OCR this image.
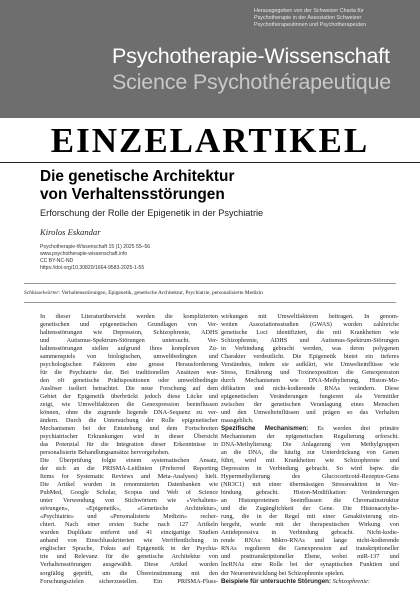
Herausgegeben von der Schweizer Charta für
Psychotherapie in der Assoziation Schweizer
Psychotherapeutinnen und Psychotherapeuten
Psychotherapie-Wissenschaft
Science Psychothérapeutique
EINZELARTIKEL
Die genetische Architektur
von Verhaltensstörungen
Erforschung der Rolle der Epigenetik in der Psychiatrie
Kirolos Eskandar
Psychotherapie-Wissenschaft 15 (1) 2025 55–56
www.psychotherapie-wissenschaft.info
CC BY-NC-ND
https://doi.org/10.30820/1664-9583-2025-1-55
Schlüsselwörter: Verhaltensstörungen, Epigenetik, genetische Architektur, Psychiatrie, personalisierte Medizin
In dieser Literaturübersicht werden die komplizierten
genetischen und epigenetischen Grundlagen von Ver-
haltensstörungen wie Depression, Schizophrenie, ADHS
und Autismus-Spektrum-Störungen untersucht. Ver-
haltensstörungen stellen aufgrund ihres komplexen Zu-
sammenspiels von biologischen, umweltbedingten und
psychologischen Faktoren eine grosse Herausforderung
für die Psychiatrie dar. Bei traditionellen Ansätzen wur-
den oft genetische Prädispositionen oder umweltbedingte
Auslöser isoliert betrachtet. Die neue Forschung auf dem
Gebiet der Epigenetik überbrückt jedoch diese Lücke und
zeigt, wie Umweltfaktoren die Genexpression beeinflussen
können, ohne die zugrunde liegende DNA-Sequenz zu ver-
ändern. Durch die Untersuchung der Rolle epigenetischer
Mechanismen bei der Entstehung und dem Fortschreiten
psychiatrischer Erkrankungen wird in dieser Übersicht
das Potenzial für die Integration dieser Erkenntnisse in
personalisierte Behandlungsansätze hervorgehoben.
Die Überprüfung folgte einem systematischen Ansatz,
der sich an die PRISMA-Leitlinien (Preferred Reporting
Items for Systematic Reviews and Meta-Analyses) hielt.
Die Artikel wurden in renommierten Datenbanken wie
PubMed, Google Scholar, Scopus und Web of Science
unter Verwendung von Stichwörtern wie «Verhaltens-
störungen», «Epigenetik», «Genetische Architektur»,
«Psychiatrie» und «Personalisierte Medizin» recher-
chiert. Nach einer ersten Suche nach 127 Artikeln
wurden Duplikate entfernt und 41 einzigartige Studien
anhand von Einschlusskriterien wie Veröffentlichung in
englischer Sprache, Fokus auf Epigenetik in der Psychia-
trie und Relevanz für die genetische Architektur von
Verhaltensstörungen ausgewählt. Diese Artikel wurden
sorgfältig geprüft, um die Übereinstimmung mit den
Forschungszielen sicherzustellen. Ein PRISMA-Fluss-
wirkungen mit Umweltfaktoren beitragen. In genom-
weiten Assoziationsstudien (GWAS) wurden zahlreiche
genetische Loci identifiziert, die mit Krankheiten wie
Schizophrenie, ADHS und Autismus-Spektrum-Störungen
in Verbindung gebracht werden, was deren polygenen
Charakter verdeutlicht. Die Epigenetik bietet ein tieferes
Verständnis, indem sie aufklärt, wie Umwelteinflüsse wie
Stress, Ernährung und Toxinexposition die Genexpression
durch Mechanismen wie DNA-Methylierung, Histon-Mo-
difikation und nicht-kodierende RNAs verändern. Diese
epigenetischen Veränderungen fungieren als Vermittler
zwischen der genetischen Veranlagung eines Menschen
und den Umwelteinflüssen und prägen so das Verhalten
massgeblich.
Spezifische Mechanismen: Es werden drei primäre
Mechanismen der epigenetischen Regulierung erforscht.
DNA-Methylierung: Die Anlagerung von Methylgruppen
an die DNA, die häufig zur Unterdrückung von Genen
führt, wird mit Krankheiten wie Schizophrenie und
Depression in Verbindung gebracht. So wird bspw. die
Hypermethylierung des Glucocorticoid-Rezeptor-Gens
(NR3C1) mit einer übermässigen Stressreaktion in Ver-
bindung gebracht. Histon-Modifikation: Veränderungen
an Histonproteinen beeinflussen die Chromatinstruktur
und die Zugänglichkeit der Gene. Die Histonacetylie-
rung, die in der Regel mit einer Genaktivierung ein-
hergeht, wurde mit der therapeutischen Wirkung von
Antidepressiva in Verbindung gebracht. Nicht-kodie-
rende RNAs: Mikro-RNAs und lange nicht-kodierende
RNAs regulieren die Genexpression auf transkriptioneller
und posttranskriptioneller Ebene, wobei miR-137 und
lncRNAs eine Rolle bei der synaptischen Funktion und
der Neuroentwicklung bei Schizophrenie spielen.
Beispiele für untersuchte Störungen: Schizophrenie:
